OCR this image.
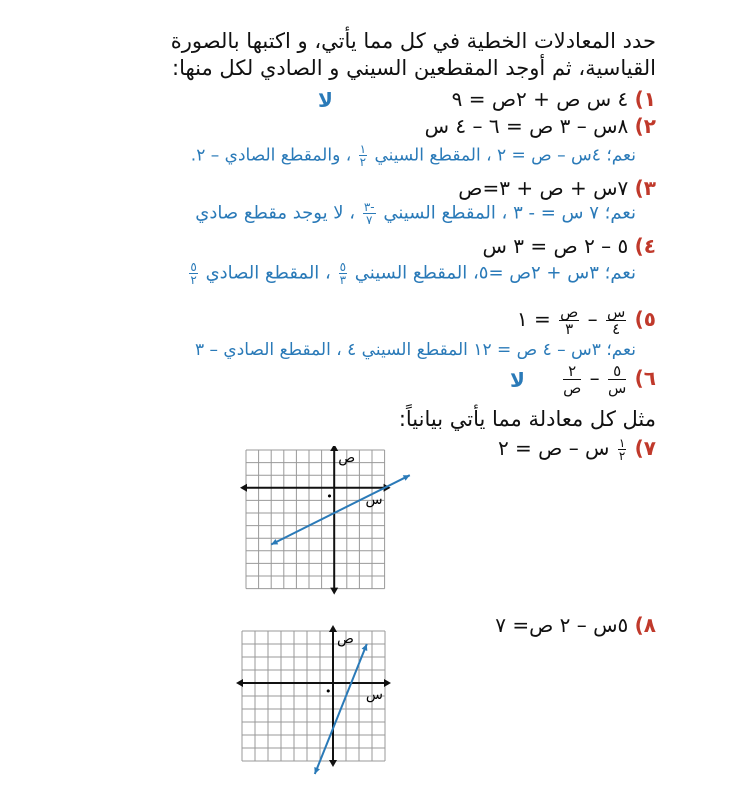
حدد المعادلات الخطية في كل مما يأتي، و اكتبها بالصورة
القياسية، ثم أوجد المقطعين السيني و الصادي لكل منها:
١) ٤ س ص + ٢ص = ٩
لا
٢) ٨س – ٣ ص = ٦ – ٤ س
نعم؛ ٤س – ص = ٢ ، المقطع السيني
$\frac{١}{٢}$
، والمقطع الصادي – ٢.
٣) ٧س + ص + ٣=ص
نعم؛ ٧ س = - ٣ ، المقطع السيني
$\frac{-٣}{٧}$
، لا يوجد مقطع صادي
٤) ٥ – ٢ ص = ٣ س
نعم؛ ٣س + ٢ص =٥، المقطع السيني
$\frac{٥}{٣}$
، المقطع الصادي
$\frac{٥}{٢}$
٥)
$\frac{\text{س}}{٤}$
–
$\frac{\text{ص}}{٣}$
= ١
نعم؛ ٣س – ٤ ص = ١٢ المقطع السيني ٤ ، المقطع الصادي – ٣
٦)
$\frac{٥}{\text{س}}$
–
$\frac{٢}{\text{ص}}$
لا
مثل كل معادلة مما يأتي بيانياً:
٧)
$\frac{١}{٢}$
س – ص = ٢
٨) ٥س – ٢ ص= ٧
س
ص
•
س
ص
•
